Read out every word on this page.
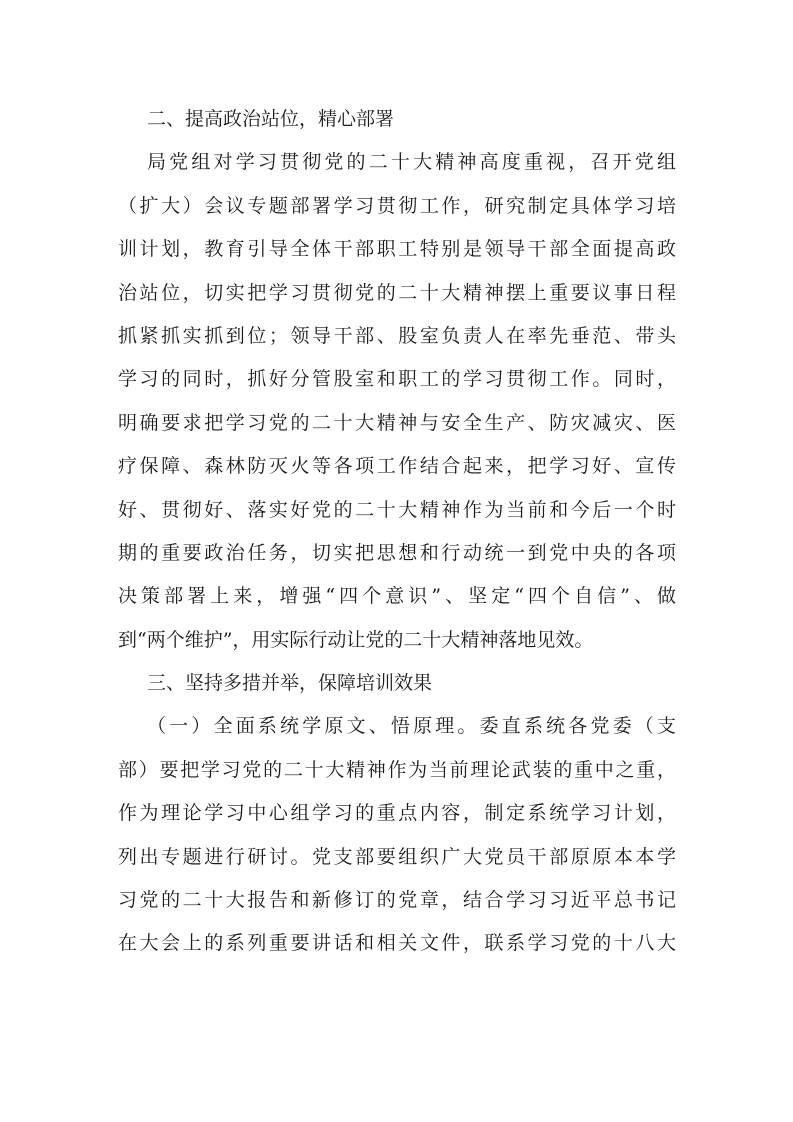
二、提高政治站位，精心部署
局党组对学习贯彻党的二十大精神高度重视，召开党组
（扩大）会议专题部署学习贯彻工作，研究制定具体学习培
训计划，教育引导全体干部职工特别是领导干部全面提高政
治站位，切实把学习贯彻党的二十大精神摆上重要议事日程
抓紧抓实抓到位；领导干部、股室负责人在率先垂范、带头
学习的同时，抓好分管股室和职工的学习贯彻工作。同时，
明确要求把学习党的二十大精神与安全生产、防灾减灾、医
疗保障、森林防灭火等各项工作结合起来，把学习好、宣传
好、贯彻好、落实好党的二十大精神作为当前和今后一个时
期的重要政治任务，切实把思想和行动统一到党中央的各项
决策部署上来，增强“四个意识”、坚定“四个自信”、做
到“两个维护”，用实际行动让党的二十大精神落地见效。
三、坚持多措并举，保障培训效果
（一）全面系统学原文、悟原理。委直系统各党委（支
部）要把学习党的二十大精神作为当前理论武装的重中之重，
作为理论学习中心组学习的重点内容，制定系统学习计划，
列出专题进行研讨。党支部要组织广大党员干部原原本本学
习党的二十大报告和新修订的党章，结合学习习近平总书记
在大会上的系列重要讲话和相关文件，联系学习党的十八大
